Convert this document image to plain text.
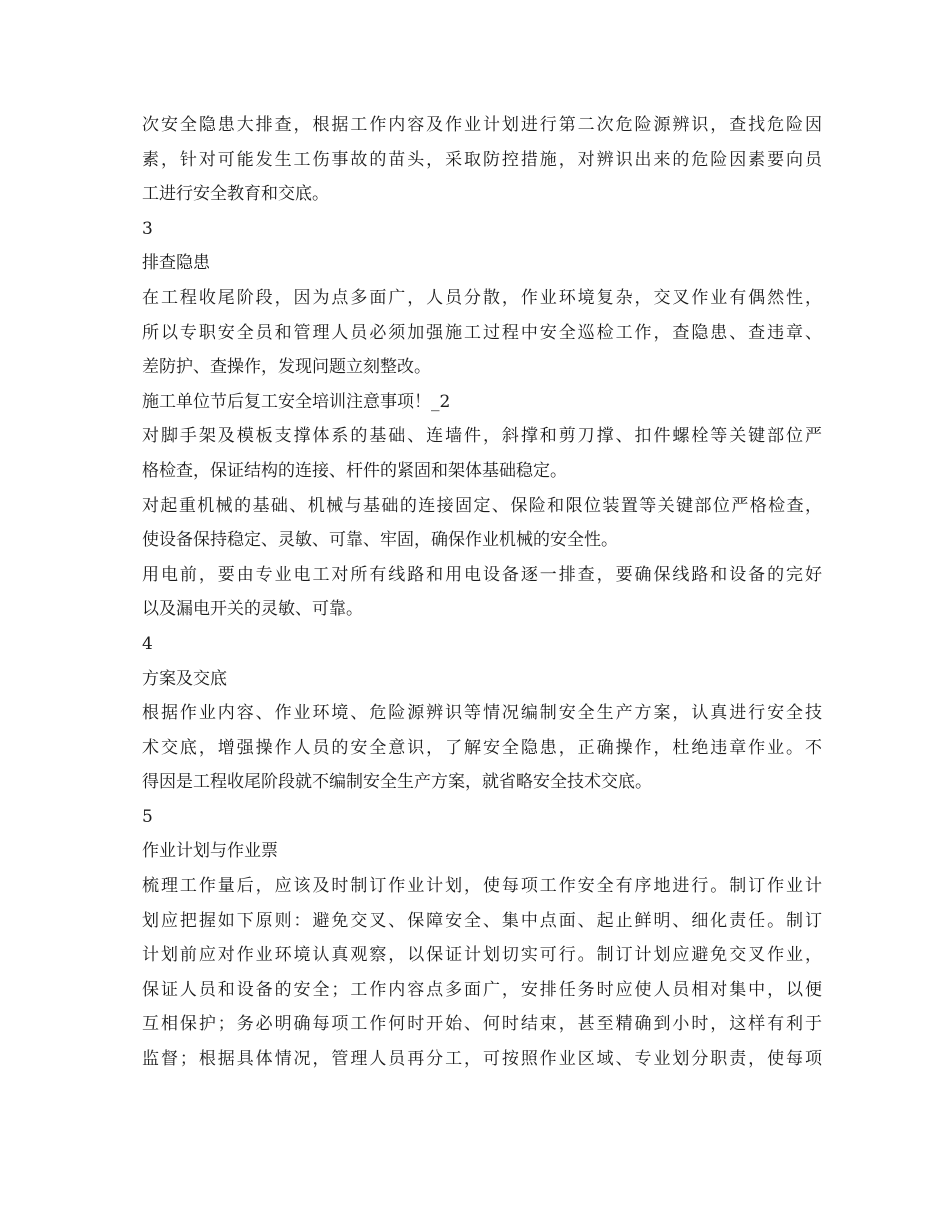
次安全隐患大排查，根据工作内容及作业计划进行第二次危险源辨识，查找危险因
素，针对可能发生工伤事故的苗头，采取防控措施，对辨识出来的危险因素要向员
工进行安全教育和交底。
3
排查隐患
在工程收尾阶段，因为点多面广，人员分散，作业环境复杂，交叉作业有偶然性，
所以专职安全员和管理人员必须加强施工过程中安全巡检工作，查隐患、查违章、
差防护、查操作，发现问题立刻整改。
施工单位节后复工安全培训注意事项！_2
对脚手架及模板支撑体系的基础、连墙件，斜撑和剪刀撑、扣件螺栓等关键部位严
格检查，保证结构的连接、杆件的紧固和架体基础稳定。
对起重机械的基础、机械与基础的连接固定、保险和限位装置等关键部位严格检查，
使设备保持稳定、灵敏、可靠、牢固，确保作业机械的安全性。
用电前，要由专业电工对所有线路和用电设备逐一排查，要确保线路和设备的完好
以及漏电开关的灵敏、可靠。
4
方案及交底
根据作业内容、作业环境、危险源辨识等情况编制安全生产方案，认真进行安全技
术交底，增强操作人员的安全意识，了解安全隐患，正确操作，杜绝违章作业。不
得因是工程收尾阶段就不编制安全生产方案，就省略安全技术交底。
5
作业计划与作业票
梳理工作量后，应该及时制订作业计划，使每项工作安全有序地进行。制订作业计
划应把握如下原则：避免交叉、保障安全、集中点面、起止鲜明、细化责任。制订
计划前应对作业环境认真观察，以保证计划切实可行。制订计划应避免交叉作业，
保证人员和设备的安全；工作内容点多面广，安排任务时应使人员相对集中，以便
互相保护；务必明确每项工作何时开始、何时结束，甚至精确到小时，这样有利于
监督；根据具体情况，管理人员再分工，可按照作业区域、专业划分职责，使每项
